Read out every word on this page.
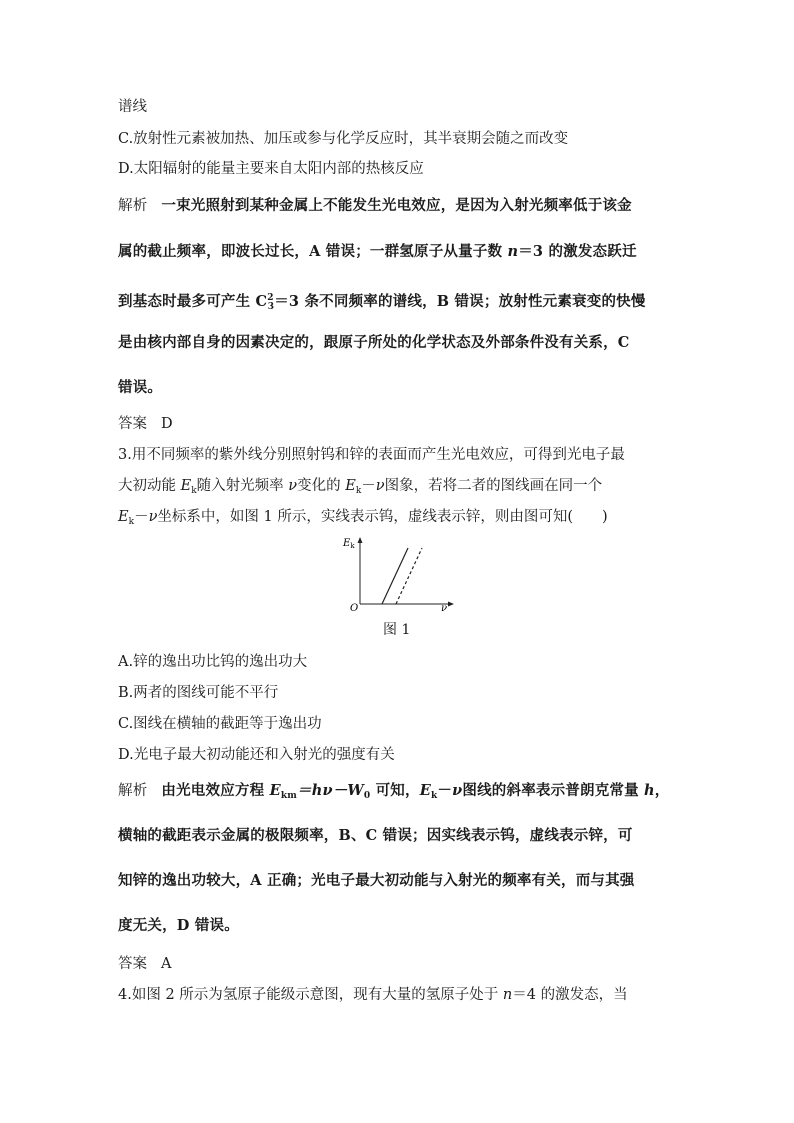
谱线
C.放射性元素被加热、加压或参与化学反应时，其半衰期会随之而改变
D.太阳辐射的能量主要来自太阳内部的热核反应
解析 一束光照射到某种金属上不能发生光电效应，是因为入射光频率低于该金
属的截止频率，即波长过长，A 错误；一群氢原子从量子数 n＝3 的激发态跃迁
到基态时最多可产生 $C^2_3=3$ 条不同频率的谱线，B 错误；放射性元素衰变的快慢
是由核内部自身的因素决定的，跟原子所处的化学状态及外部条件没有关系，C
错误。
答案 D
3.用不同频率的紫外线分别照射钨和锌的表面而产生光电效应，可得到光电子最
大初动能 $E_k$随入射光频率 ν变化的 $E_k-\nu$图象，若将二者的图线画在同一个
$E_k-\nu$坐标系中，如图 1 所示，实线表示钨，虚线表示锌，则由图可知(　　)
$E_k$
O	ν
图 1
A.锌的逸出功比钨的逸出功大
B.两者的图线可能不平行
C.图线在横轴的截距等于逸出功
D.光电子最大初动能还和入射光的强度有关
解析 由光电效应方程 $E_{km}=h\nu-W_0$ 可知，$E_k-\nu$图线的斜率表示普朗克常量 h，
横轴的截距表示金属的极限频率，B、C 错误；因实线表示钨，虚线表示锌，可
知锌的逸出功较大，A 正确；光电子最大初动能与入射光的频率有关，而与其强
度无关，D 错误。
答案 A
4.如图 2 所示为氢原子能级示意图，现有大量的氢原子处于 n＝4 的激发态，当
